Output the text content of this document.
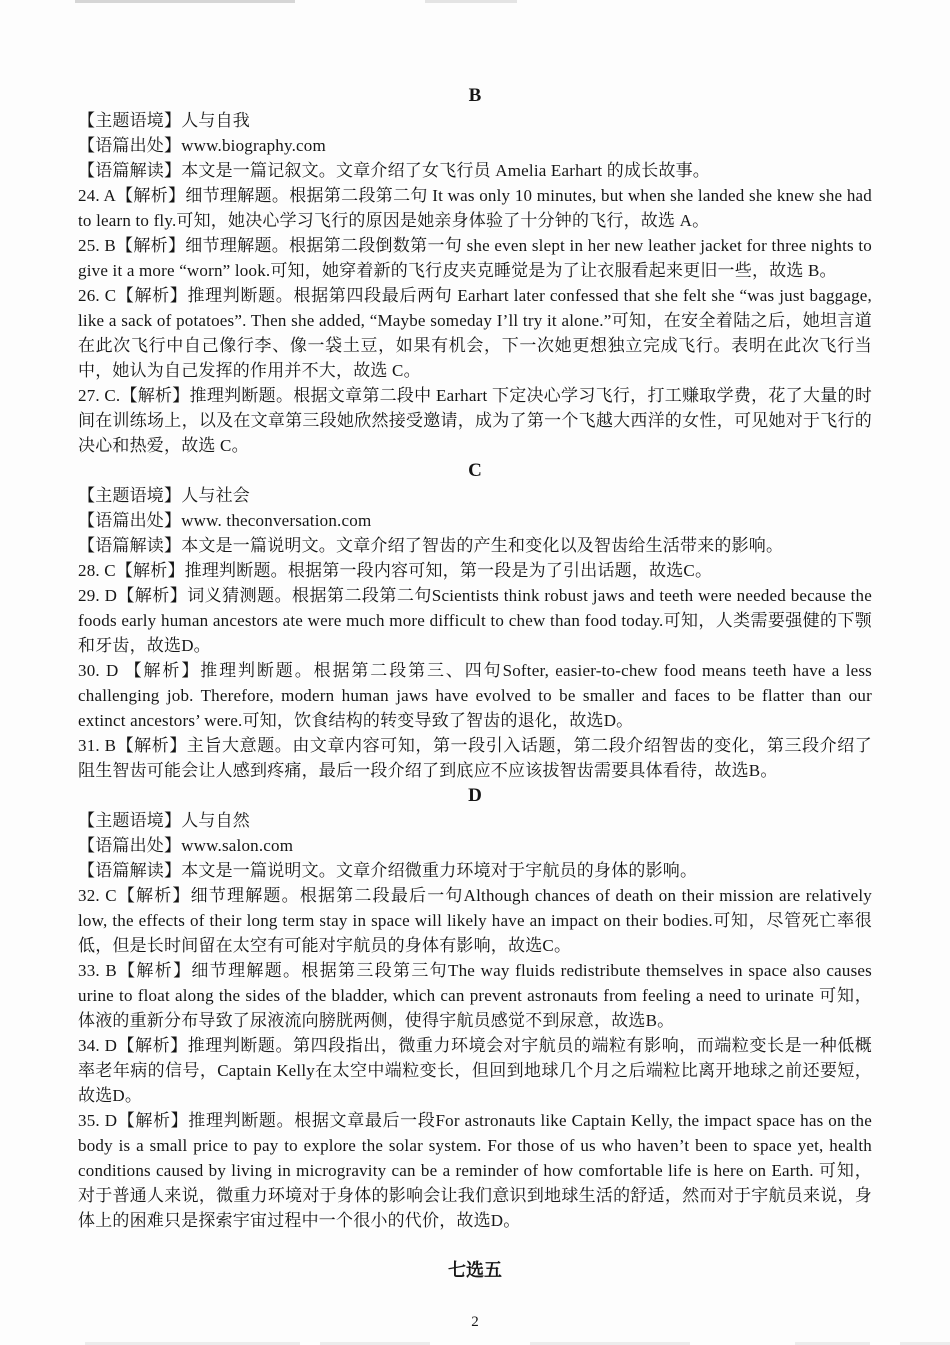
B

【主题语境】人与自我

【语篇出处】www.biography.com

【语篇解读】本文是一篇记叙文。文章介绍了女飞行员 Amelia Earhart 的成长故事。

24. A【解析】细节理解题。根据第二段第二句 It was only 10 minutes, but when she landed she knew she had to learn to fly.可知，她决心学习飞行的原因是她亲身体验了十分钟的飞行，故选 A。

25. B【解析】细节理解题。根据第二段倒数第一句 she even slept in her new leather jacket for three nights to give it a more “worn” look.可知，她穿着新的飞行皮夹克睡觉是为了让衣服看起来更旧一些，故选 B。

26. C【解析】推理判断题。根据第四段最后两句 Earhart later confessed that she felt she “was just baggage, like a sack of potatoes”. Then she added, “Maybe someday I’ll try it alone.”可知，在安全着陆之后，她坦言道在此次飞行中自己像行李、像一袋土豆，如果有机会，下一次她更想独立完成飞行。表明在此次飞行当中，她认为自己发挥的作用并不大，故选 C。

27. C.【解析】推理判断题。根据文章第二段中 Earhart 下定决心学习飞行，打工赚取学费，花了大量的时间在训练场上，以及在文章第三段她欣然接受邀请，成为了第一个飞越大西洋的女性，可见她对于飞行的决心和热爱，故选 C。

C

【主题语境】人与社会

【语篇出处】www. theconversation.com

【语篇解读】本文是一篇说明文。文章介绍了智齿的产生和变化以及智齿给生活带来的影响。

28. C【解析】推理判断题。根据第一段内容可知，第一段是为了引出话题，故选C。

29. D【解析】词义猜测题。根据第二段第二句Scientists think robust jaws and teeth were needed because the foods early human ancestors ate were much more difficult to chew than food today.可知，人类需要强健的下颚和牙齿，故选D。

30. D 【解析】推理判断题。根据第二段第三、四句Softer, easier-to-chew food means teeth have a less challenging job. Therefore, modern human jaws have evolved to be smaller and faces to be flatter than our extinct ancestors’ were.可知，饮食结构的转变导致了智齿的退化，故选D。

31. B【解析】主旨大意题。由文章内容可知，第一段引入话题，第二段介绍智齿的变化，第三段介绍了阻生智齿可能会让人感到疼痛，最后一段介绍了到底应不应该拔智齿需要具体看待，故选B。

D

【主题语境】人与自然

【语篇出处】www.salon.com

【语篇解读】本文是一篇说明文。文章介绍微重力环境对于宇航员的身体的影响。

32. C【解析】细节理解题。根据第二段最后一句Although chances of death on their mission are relatively low, the effects of their long term stay in space will likely have an impact on their bodies.可知，尽管死亡率很低，但是长时间留在太空有可能对宇航员的身体有影响，故选C。

33. B【解析】细节理解题。根据第三段第三句The way fluids redistribute themselves in space also causes urine to float along the sides of the bladder, which can prevent astronauts from feeling a need to urinate 可知，体液的重新分布导致了尿液流向膀胱两侧，使得宇航员感觉不到尿意，故选B。

34. D【解析】推理判断题。第四段指出，微重力环境会对宇航员的端粒有影响，而端粒变长是一种低概率老年病的信号，Captain Kelly在太空中端粒变长，但回到地球几个月之后端粒比离开地球之前还要短，故选D。

35. D【解析】推理判断题。根据文章最后一段For astronauts like Captain Kelly, the impact space has on the body is a small price to pay to explore the solar system. For those of us who haven’t been to space yet, health conditions caused by living in microgravity can be a reminder of how comfortable life is here on Earth. 可知，对于普通人来说，微重力环境对于身体的影响会让我们意识到地球生活的舒适，然而对于宇航员来说，身体上的困难只是探索宇宙过程中一个很小的代价，故选D。

七选五
2
